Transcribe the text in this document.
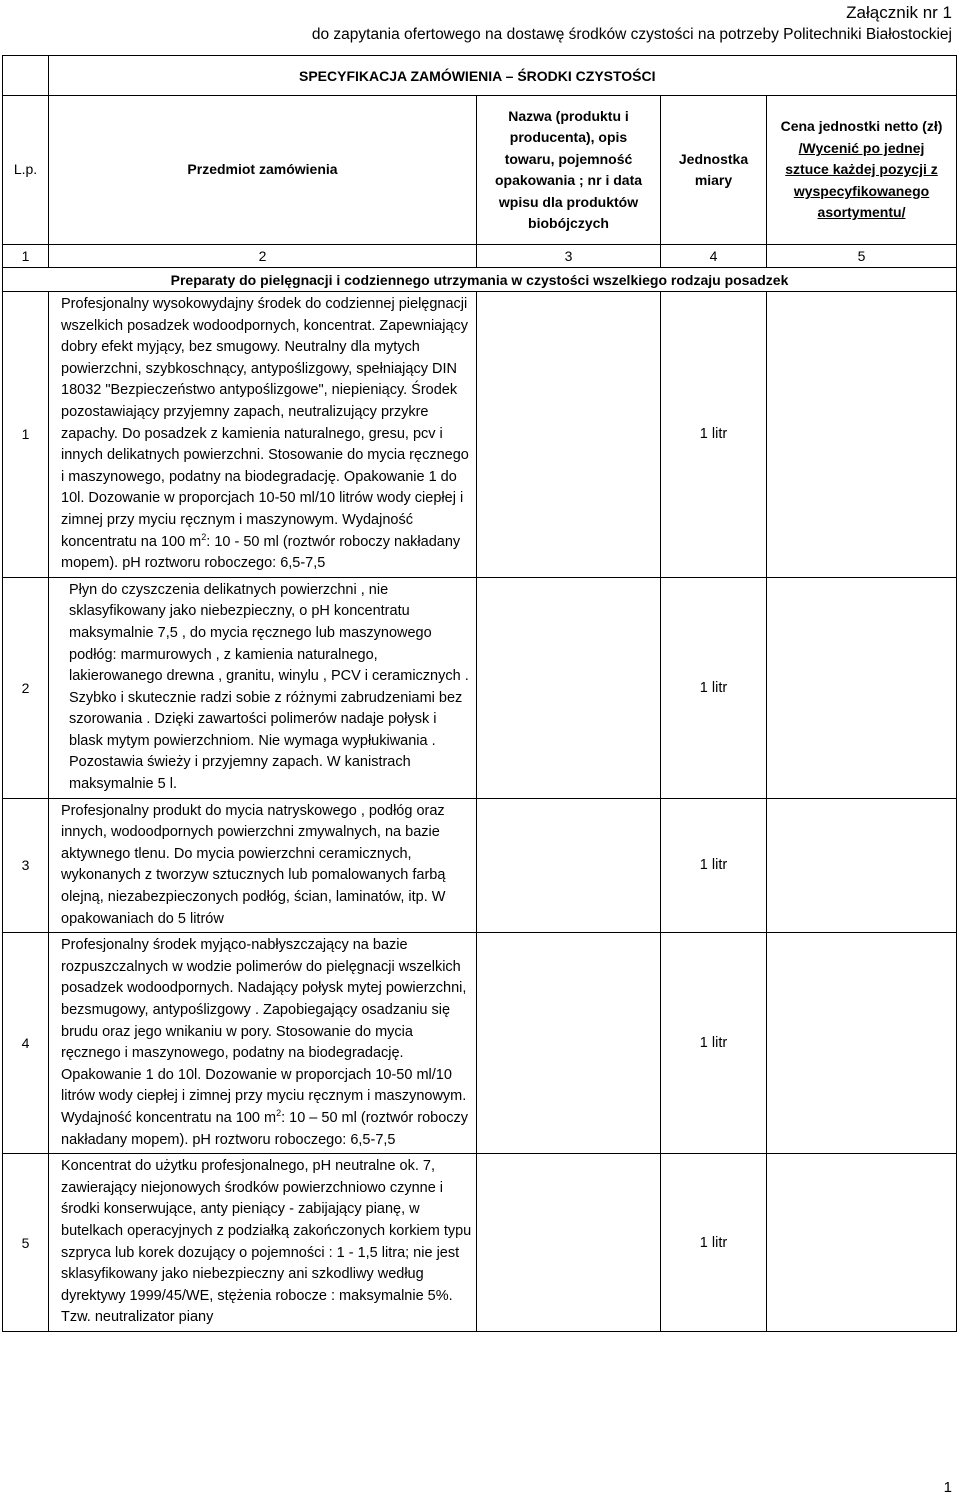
Załącznik nr 1
do zapytania ofertowego na dostawę środków czystości na potrzeby Politechniki Białostockiej
	SPECYFIKACJA ZAMÓWIENIA – ŚRODKI CZYSTOŚCI			
L.p.	Przedmiot zamówienia	Nazwa (produktu i producenta), opis towaru, pojemność opakowania ; nr i data wpisu dla produktów biobójczych	Jednostka miary	Cena jednostki netto (zł)
/Wycenić po jednej sztuce każdej pozycji z wyspecyfikowanego asortymentu/

1	2	3	4	5
Preparaty do pielęgnacji i codziennego utrzymania w czystości wszelkiego rodzaju posadzek				
1	Profesjonalny wysokowydajny środek do codziennej pielęgnacji wszelkich posadzek wodoodpornych, koncentrat. Zapewniający dobry efekt myjący, bez smugowy. Neutralny dla mytych powierzchni, szybkoschnący, antypoślizgowy, spełniający DIN 18032 "Bezpieczeństwo antypoślizgowe", niepieniący. Środek pozostawiający przyjemny zapach, neutralizujący przykre zapachy. Do posadzek z kamienia naturalnego, gresu, pcv i innych delikatnych powierzchni. Stosowanie do mycia ręcznego i maszynowego, podatny na biodegradację. Opakowanie 1 do 10l. Dozowanie w proporcjach 10-50 ml/10 litrów wody ciepłej i zimnej przy myciu ręcznym i maszynowym. Wydajność koncentratu na 100 $m^2$: 10 - 50 ml (roztwór roboczy nakładany mopem). pH roztworu roboczego: 6,5-7,5		1 litr	
2	Płyn do czyszczenia delikatnych powierzchni , nie sklasyfikowany jako niebezpieczny, o pH koncentratu maksymalnie 7,5 , do mycia ręcznego lub maszynowego podłóg: marmurowych , z kamienia naturalnego, lakierowanego drewna , granitu, winylu , PCV i ceramicznych . Szybko i skutecznie radzi sobie z różnymi zabrudzeniami bez szorowania . Dzięki zawartości polimerów nadaje połysk i blask mytym powierzchniom. Nie wymaga wypłukiwania . Pozostawia świeży i przyjemny zapach. W kanistrach maksymalnie 5 l.		1 litr	
3	Profesjonalny produkt do mycia natryskowego , podłóg oraz innych, wodoodpornych powierzchni zmywalnych, na bazie aktywnego tlenu. Do mycia powierzchni ceramicznych, wykonanych z tworzyw sztucznych lub pomalowanych farbą olejną, niezabezpieczonych podłóg, ścian, laminatów, itp. W opakowaniach do 5 litrów		1 litr	
4	Profesjonalny środek myjąco-nabłyszczający na bazie rozpuszczalnych w wodzie polimerów do pielęgnacji wszelkich posadzek wodoodpornych. Nadający połysk mytej powierzchni, bezsmugowy, antypoślizgowy . Zapobiegający osadzaniu się brudu oraz jego wnikaniu w pory. Stosowanie do mycia ręcznego i maszynowego, podatny na biodegradację. Opakowanie 1 do 10l. Dozowanie w proporcjach 10-50 ml/10 litrów wody ciepłej i zimnej przy myciu ręcznym i maszynowym. Wydajność koncentratu na 100 $m^2$: 10 – 50 ml (roztwór roboczy nakładany mopem). pH roztworu roboczego: 6,5-7,5		1 litr	
5	Koncentrat do użytku profesjonalnego, pH neutralne ok. 7, zawierający niejonowych środków powierzchniowo czynne i środki konserwujące, anty pieniący - zabijający pianę, w butelkach operacyjnych z podziałką zakończonych korkiem typu szpryca lub korek dozujący o pojemności : 1 - 1,5 litra; nie jest sklasyfikowany jako niebezpieczny ani szkodliwy według dyrektywy 1999/45/WE, stężenia robocze : maksymalnie 5%. Tzw. neutralizator piany		1 litr	
1
